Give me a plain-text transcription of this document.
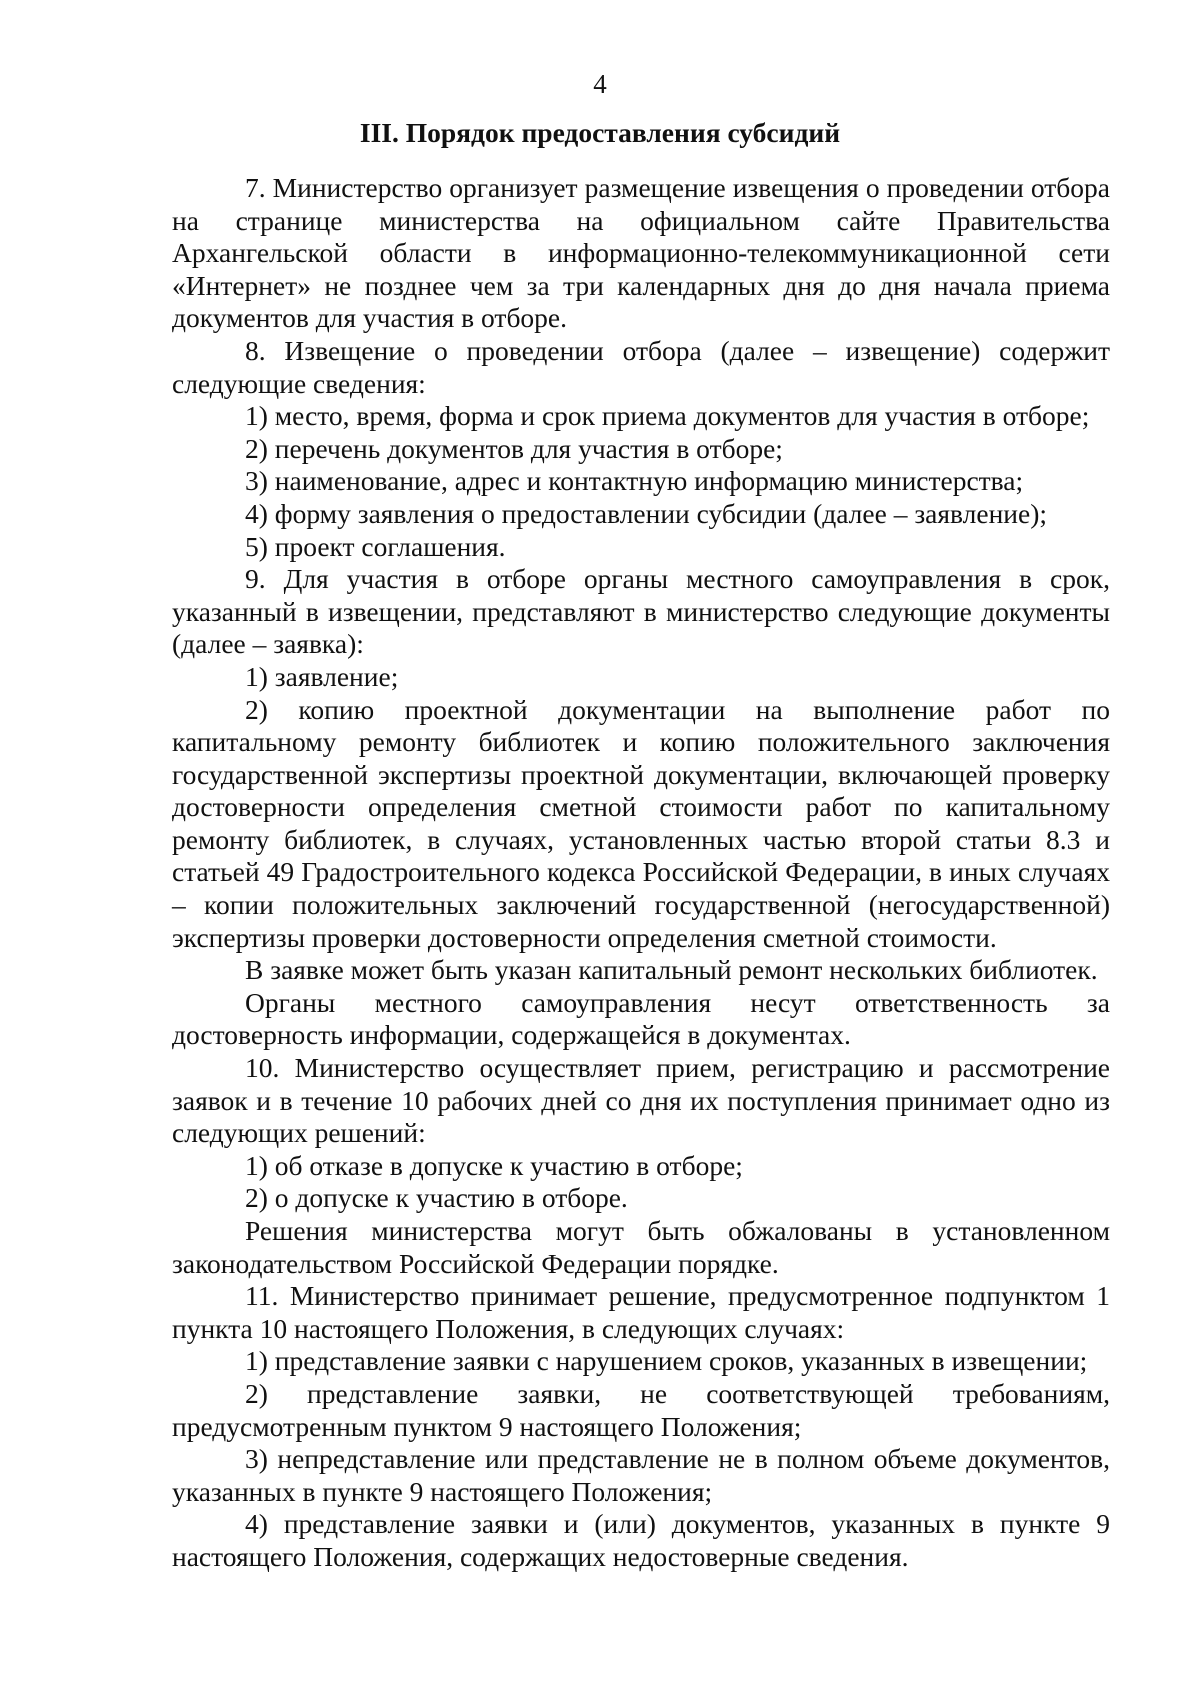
4
III. Порядок предоставления субсидий

7. Министерство организует размещение извещения о проведении отбора на странице министерства на официальном сайте Правительства Архангельской области в информационно-телекоммуникационной сети «Интернет» не позднее чем за три календарных дня до дня начала приема документов для участия в отборе.

8. Извещение о проведении отбора (далее – извещение) содержит следующие сведения:

1) место, время, форма и срок приема документов для участия в отборе;

2) перечень документов для участия в отборе;

3) наименование, адрес и контактную информацию министерства;

4) форму заявления о предоставлении субсидии (далее – заявление);

5) проект соглашения.

9. Для участия в отборе органы местного самоуправления в срок, указанный в извещении, представляют в министерство следующие документы (далее – заявка):

1) заявление;

2) копию проектной документации на выполнение работ по капитальному ремонту библиотек и копию положительного заключения государственной экспертизы проектной документации, включающей проверку достоверности определения сметной стоимости работ по капитальному ремонту библиотек, в случаях, установленных частью второй статьи 8.3 и статьей 49 Градостроительного кодекса Российской Федерации, в иных случаях – копии положительных заключений государственной (негосударственной) экспертизы проверки достоверности определения сметной стоимости.

В заявке может быть указан капитальный ремонт нескольких библиотек.

Органы местного самоуправления несут ответственность за достоверность информации, содержащейся в документах.

10. Министерство осуществляет прием, регистрацию и рассмотрение заявок и в течение 10 рабочих дней со дня их поступления принимает одно из следующих решений:

1) об отказе в допуске к участию в отборе;

2) о допуске к участию в отборе.

Решения министерства могут быть обжалованы в установленном законодательством Российской Федерации порядке.

11. Министерство принимает решение, предусмотренное подпунктом 1 пункта 10 настоящего Положения, в следующих случаях:

1) представление заявки с нарушением сроков, указанных в извещении;

2) представление заявки, не соответствующей требованиям, предусмотренным пунктом 9 настоящего Положения;

3) непредставление или представление не в полном объеме документов, указанных в пункте 9 настоящего Положения;

4) представление заявки и (или) документов, указанных в пункте 9 настоящего Положения, содержащих недостоверные сведения.
